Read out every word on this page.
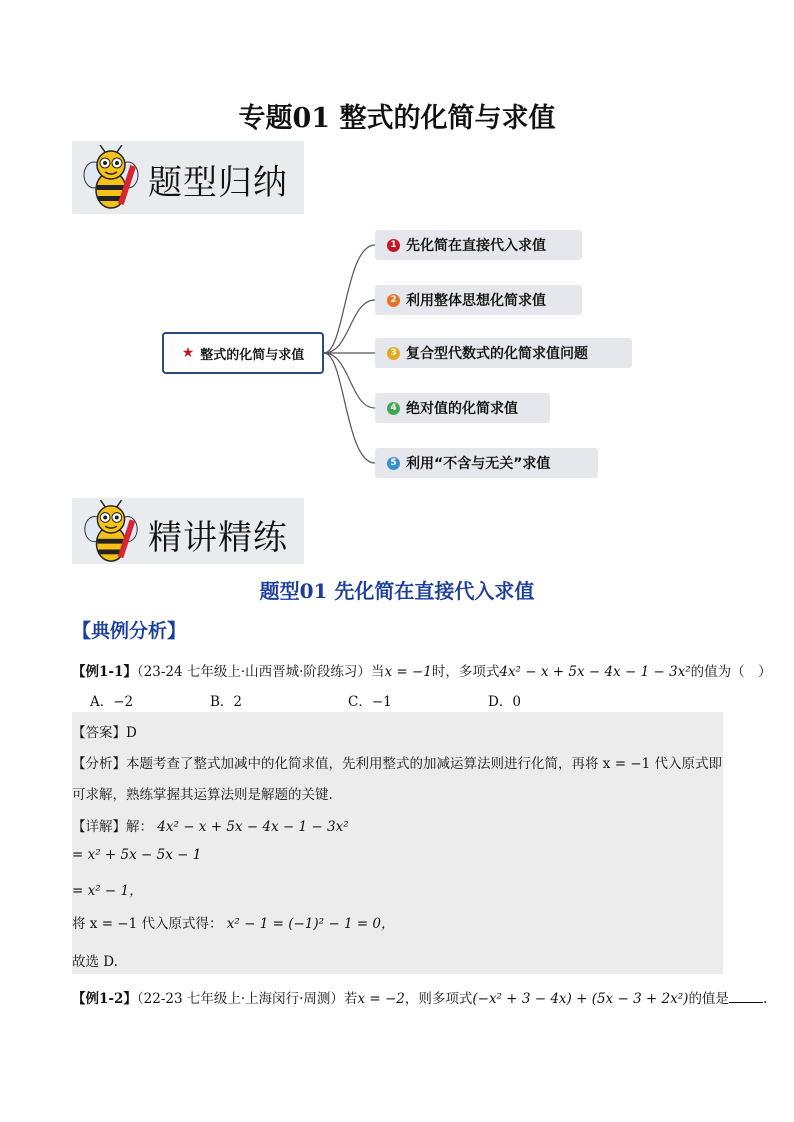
专题01 整式的化简与求值
题型归纳
★ 整式的化简与求值
1 先化简在直接代入求值
2 利用整体思想化简求值
3 复合型代数式的化简求值问题
4 绝对值的化简求值
5 利用“不含与无关”求值
精讲精练
题型01 先化简在直接代入求值
【典例分析】
【例1-1】（23-24 七年级上·山西晋城·阶段练习）当x = −1时，多项式4x² − x + 5x − 4x − 1 − 3x²的值为（　）
A．−2	B．2	C．−1	D．0
【答案】D
【分析】本题考查了整式加减中的化简求值，先利用整式的加减运算法则进行化简，再将 x = −1 代入原式即
可求解，熟练掌握其运算法则是解题的关键.
【详解】解： 4x² − x + 5x − 4x − 1 − 3x²
= x² + 5x − 5x − 1
= x² − 1，
将 x = −1 代入原式得： x² − 1 = (−1)² − 1 = 0，
故选 D.
【例1-2】（22-23 七年级上·上海闵行·周测）若x = −2，则多项式(−x² + 3 − 4x) + (5x − 3 + 2x²)的值是	.
